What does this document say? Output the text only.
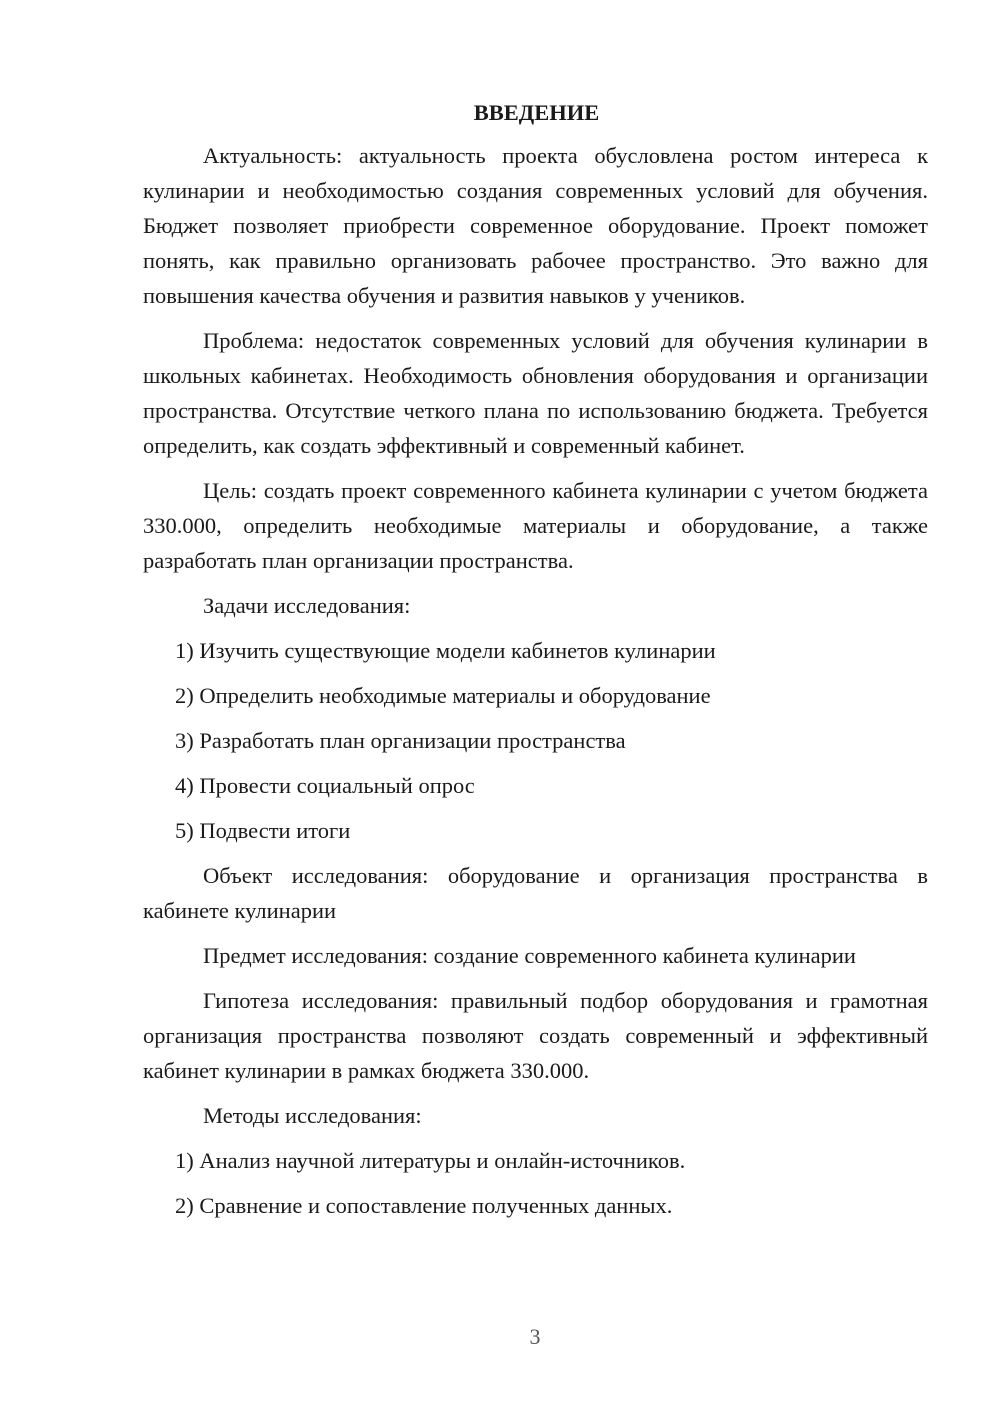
ВВЕДЕНИЕ

Актуальность: актуальность проекта обусловлена ростом интереса к кулинарии и необходимостью создания современных условий для обучения. Бюджет позволяет приобрести современное оборудование. Проект поможет понять, как правильно организовать рабочее пространство. Это важно для повышения качества обучения и развития навыков у учеников.

Проблема: недостаток современных условий для обучения кулинарии в школьных кабинетах. Необходимость обновления оборудования и организации пространства. Отсутствие четкого плана по использованию бюджета. Требуется определить, как создать эффективный и современный кабинет.

Цель: создать проект современного кабинета кулинарии с учетом бюджета 330.000, определить необходимые материалы и оборудование, а также разработать план организации пространства.

Задачи исследования:

1) Изучить существующие модели кабинетов кулинарии
2) Определить необходимые материалы и оборудование
3) Разработать план организации пространства
4) Провести социальный опрос
5) Подвести итоги

Объект исследования: оборудование и организация пространства в кабинете кулинарии

Предмет исследования: создание современного кабинета кулинарии

Гипотеза исследования: правильный подбор оборудования и грамотная организация пространства позволяют создать современный и эффективный кабинет кулинарии в рамках бюджета 330.000.

Методы исследования:

1) Анализ научной литературы и онлайн-источников.
2) Сравнение и сопоставление полученных данных.
3
